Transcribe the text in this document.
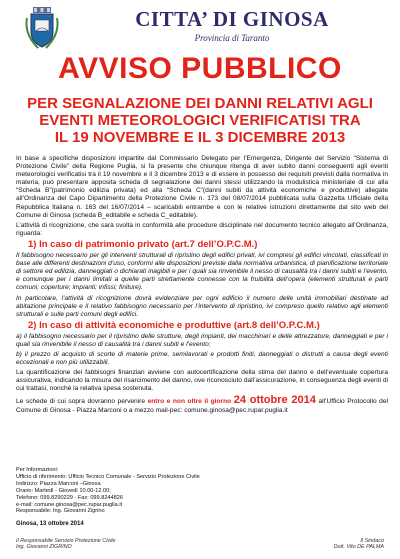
CITTA’ DI GINOSA
Provincia di Taranto
AVVISO PUBBLICO
PER SEGNALAZIONE DEI DANNI RELATIVI AGLI
EVENTI METEOROLOGICI VERIFICATISI TRA
IL 19 NOVEMBRE E IL 3 DICEMBRE 2013

In base a specifiche disposizioni impartite dal Commissario Delegato per l’Emergenza, Dirigente del Servizio “Sistema di Protezione Civile” della Regione Puglia, si fa presente che chiunque ritenga di aver subito danni conseguenti agli eventi meteorologici verificatisi tra il 19 novembre e il 3 dicembre 2013 e di essere in possesso dei requisiti previsti dalla normativa in materia, può presentare apposita scheda di segnalazione dei danni stessi utilizzando la modulistica ministeriale di cui alla “Scheda B”(patrimonio edilizia privata) ed alla “Scheda C”(danni subiti da attività economiche e produttive) allegate all’Ordinanza del Capo Dipartimento della Protezione Civile n. 173 del 08/07/2014 pubblicata sulla Gazzetta Ufficiale della Repubblica Italiana n. 163 del 16/07/2014 – scaricabili entrambe e con le relative istruzioni direttamente dal sito web del Comune di Ginosa (scheda B_editabile e scheda C_editabile).

L’attività di ricognizione, che sarà svolta in conformità alle procedure disciplinate nel documento tecnico allegato all’Ordinanza, riguarda:

1) In caso di patrimonio privato (art.7 dell’O.P.C.M.)

Il fabbisogno necessario per gli interventi strutturali di ripristino degli edifici privati, ivi compresi gli edifici vincolati, classificati in base alle differenti destinazioni d’uso, conformi alle disposizioni previste dalla normativa urbanistica, di pianificazione territoriale di settore ed edilizia, danneggiati o dichiarati inagibili e per i quali sia rinvenibile il nesso di causalità tra i danni subiti e l’evento, e comunque per i danni limitati a quelle parti strettamente connesse con la fruibilità dell’opera (elementi strutturali e parti comuni; coperture; impianti; infissi; finiture).

In particolare, l’attività di ricognizione dovrà evidenziare per ogni edificio il numero delle unità immobiliari destinate ad abitazione principale e il relativo fabbisogno necessario per l’intervento di ripristino, ivi compreso quello relativo agli elementi strutturali e sulle parti comuni degli edifici.

2) In caso di attività economiche e produttive (art.8 dell’O.P.C.M.)

a) il fabbisogno necessario per il ripristino delle strutture, degli impianti, dei macchinari e delle attrezzature, danneggiati e per i quali sia rinvenibile il nesso di causalità tra i danni subiti e l’evento;

b) il prezzo di acquisto di scorte di materie prime, semilavorati e prodotti finiti, danneggiati o distrutti a causa degli eventi eccezionali e non più utilizzabili.

La quantificazione dei fabbisogni finanziari avviene con autocertificazione della stima del danno e dell’eventuale copertura assicurativa, indicando la misura del risarcimento del danno, ove riconosciuto dall’assicurazione, in conseguenza degli eventi di cui trattasi, nonché la relativa spesa sostenuta.

Le schede di cui sopra dovranno pervenire entro e non oltre il giorno 24 ottobre 2014 all’Ufficio Protocollo del Comune di Ginosa - Piazza Marconi o a mezzo mail-pec: comune.ginosa@pec.rupar.puglia.it

Per Informazioni:
Ufficio di riferimento: Ufficio Tecnico Comunale - Servizio Protezione Civile
Indirizzo: Piazza Marconi –Ginosa
Orario: Martedì - Giovedì 10.00-12.00;
Telefono: 099.8290229 - Fax: 099.8244826
e-mail: comune.ginosa@pec.rupar.puglia.it
Responsabile: Ing. Giovanni Zigrino
Ginosa, 13 ottobre 2014
Il Responsabile Servizio Protezione Civile
Ing. Giovanni ZIGRINO
Il Sindaco
Dott. Vito DE PALMA
